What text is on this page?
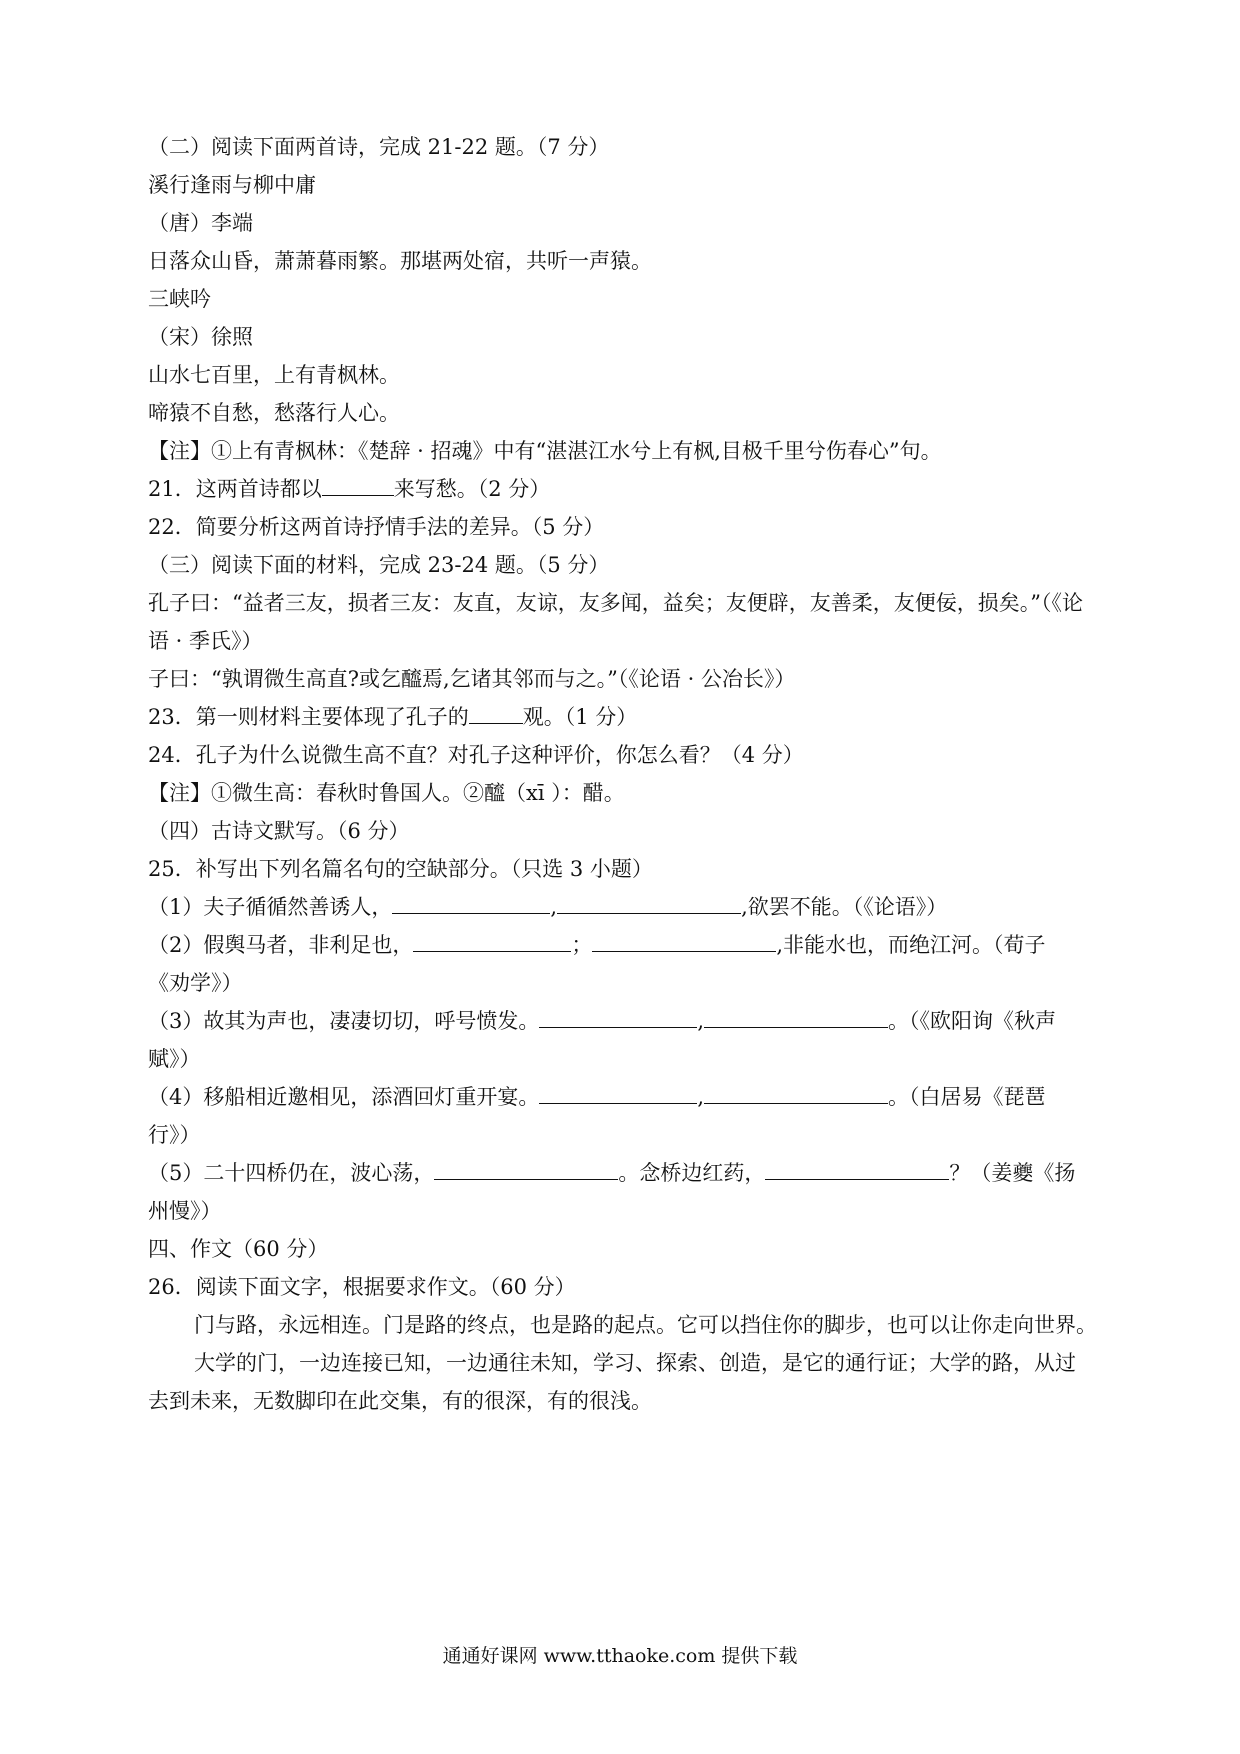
（二）阅读下面两首诗，完成 21-22 题。（7 分）
溪行逢雨与柳中庸
（唐）李端
日落众山昏，萧萧暮雨繁。那堪两处宿，共听一声猿。
三峡吟
（宋）徐照
山水七百里，上有青枫林。
啼猿不自愁，愁落行人心。
【注】①上有青枫林：《楚辞 · 招魂》中有“湛湛江水兮上有枫,目极千里兮伤春心”句。
21．这两首诗都以	来写愁。（2 分）
22．简要分析这两首诗抒情手法的差异。（5 分）
（三）阅读下面的材料，完成 23-24 题。（5 分）
孔子曰：“益者三友，损者三友：友直，友谅，友多闻，益矣；友便辟，友善柔，友便佞，损矣。”（《论
语 · 季氏》）
子曰：“孰谓微生高直?或乞醯焉,乞诸其邻而与之。”（《论语 · 公冶长》）
23．第一则材料主要体现了孔子的	观。（1 分）
24．孔子为什么说微生高不直？对孔子这种评价，你怎么看？（4 分）
【注】①微生高：春秋时鲁国人。②醯（xī ）：醋。
（四）古诗文默写。（6 分）
25．补写出下列名篇名句的空缺部分。（只选 3 小题）
（1）夫子循循然善诱人，	,	,欲罢不能。（《论语》）
（2）假舆马者，非利足也，	；	,非能水也，而绝江河。（荀子
《劝学》）
（3）故其为声也，凄凄切切，呼号愤发。	,	。（《欧阳询《秋声
赋》）
（4）移船相近邀相见，添酒回灯重开宴。	,	。（白居易《琵琶
行》）
（5）二十四桥仍在，波心荡，	。念桥边红药，	？（姜夔《扬
州慢》）
四、作文（60 分）
26．阅读下面文字，根据要求作文。（60 分）
门与路，永远相连。门是路的终点，也是路的起点。它可以挡住你的脚步，也可以让你走向世界。
大学的门，一边连接已知，一边通往未知，学习、探索、创造，是它的通行证；大学的路，从过
去到未来，无数脚印在此交集，有的很深，有的很浅。
通通好课网 www.tthaoke.com 提供下载
